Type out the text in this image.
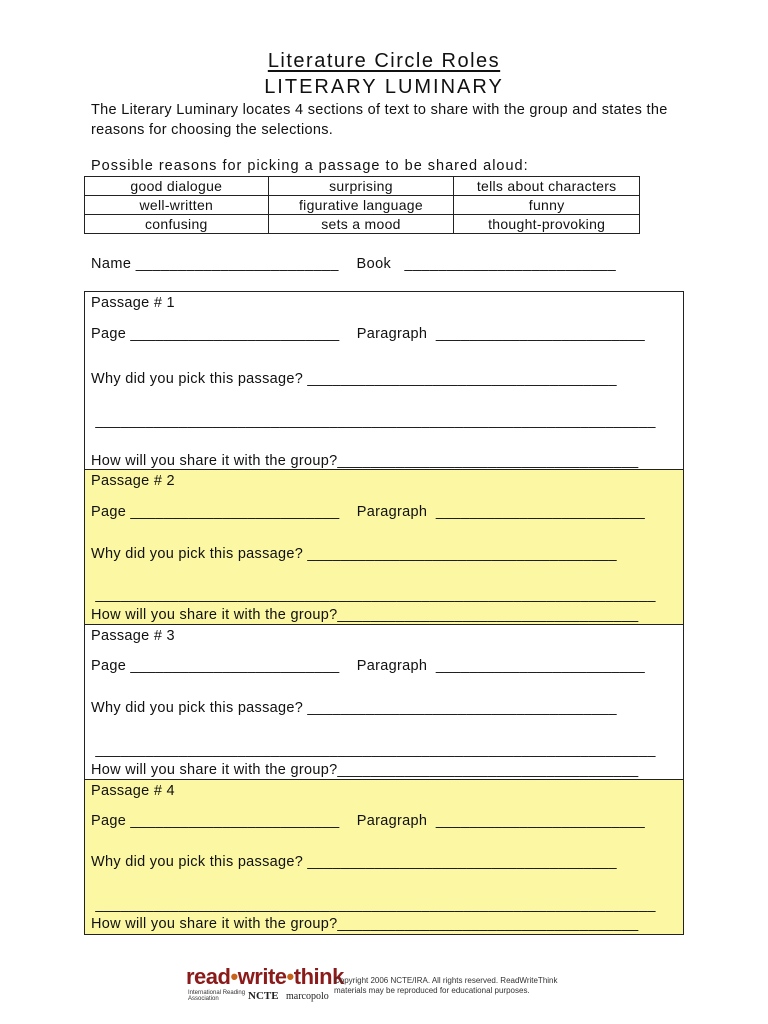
Literature Circle Roles
LITERARY LUMINARY
The Literary Luminary locates 4 sections of text to share with the group and states the reasons for choosing the selections.
Possible reasons for picking a passage to be shared aloud:
good dialogue	surprising	tells about characters
well-written	figurative language	funny
confusing	sets a mood	thought-provoking
Name ________________________    Book   _________________________

Passage # 1

Page _________________________    Paragraph  _________________________

Why did you pick this passage? _____________________________________

___________________________________________________________________

How will you share it with the group?____________________________________

Passage # 2

Page _________________________    Paragraph  _________________________

Why did you pick this passage? _____________________________________

___________________________________________________________________

How will you share it with the group?____________________________________

Passage # 3

Page _________________________    Paragraph  _________________________

Why did you pick this passage? _____________________________________

___________________________________________________________________

How will you share it with the group?____________________________________

Passage # 4

Page _________________________    Paragraph  _________________________

Why did you pick this passage? _____________________________________

___________________________________________________________________

How will you share it with the group?____________________________________

read•write•think
International Reading Association	NCTE marcopolo
Copyright 2006 NCTE/IRA. All rights reserved. ReadWriteThink materials may be reproduced for educational purposes.
